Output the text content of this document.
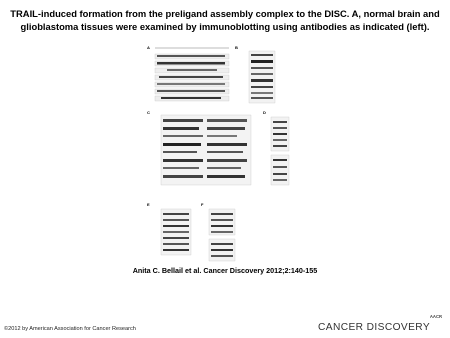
TRAIL-induced formation from the preligand assembly complex to the DISC. A, normal brain and glioblastoma tissues were examined by immunoblotting using antibodies as indicated (left).
A	B
C	D
E	F
Anita C. Bellail et al. Cancer Discovery 2012;2:140-155
©2012 by American Association for Cancer Research
AACR
CANCER DISCOVERY
